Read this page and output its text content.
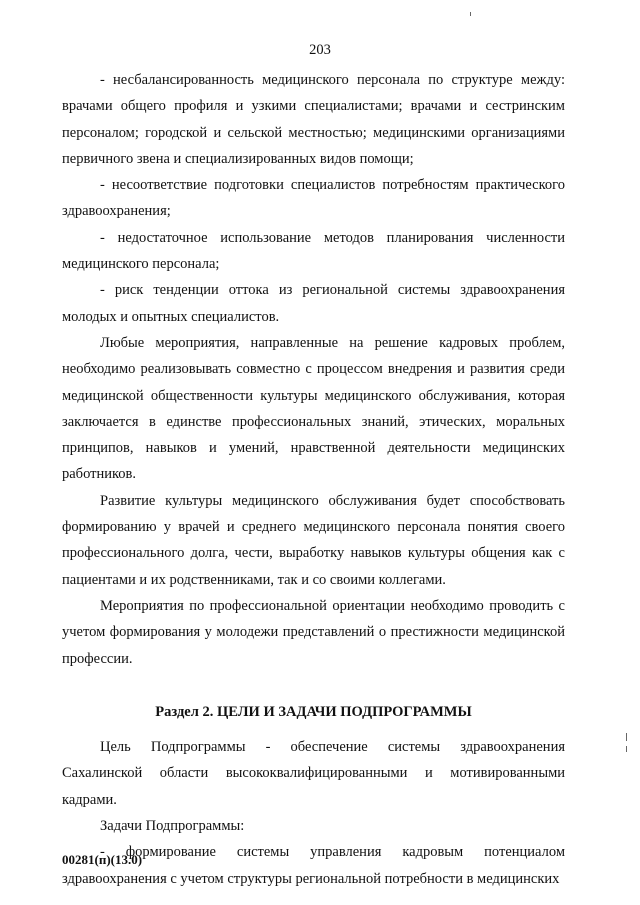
203

- несбалансированность медицинского персонала по структуре между: врачами общего профиля и узкими специалистами; врачами и сестринским персоналом; городской и сельской местностью; медицинскими организациями первичного звена и специализированных видов помощи;

- несоответствие подготовки специалистов потребностям практического здравоохранения;

- недостаточное использование методов планирования численности медицинского персонала;

- риск тенденции оттока из региональной системы здравоохранения молодых и опытных специалистов.

Любые мероприятия, направленные на решение кадровых проблем, необходимо реализовывать совместно с процессом внедрения и развития среди медицинской общественности культуры медицинского обслуживания, которая заключается в единстве профессиональных знаний, этических, моральных принципов, навыков и умений, нравственной деятельности медицинских работников.

Развитие культуры медицинского обслуживания будет способствовать формированию у врачей и среднего медицинского персонала понятия своего профессионального долга, чести, выработку навыков культуры общения как с пациентами и их родственниками, так и со своими коллегами.

Мероприятия по профессиональной ориентации необходимо проводить с учетом формирования у молодежи представлений о престижности медицинской профессии.

Раздел 2. ЦЕЛИ И ЗАДАЧИ ПОДПРОГРАММЫ

Цель Подпрограммы - обеспечение системы здравоохранения Сахалинской области высококвалифицированными и мотивированными кадрами.

Задачи Подпрограммы:

- формирование системы управления кадровым потенциалом здравоохранения с учетом структуры региональной потребности в медицинских

00281(п)(13.0)
